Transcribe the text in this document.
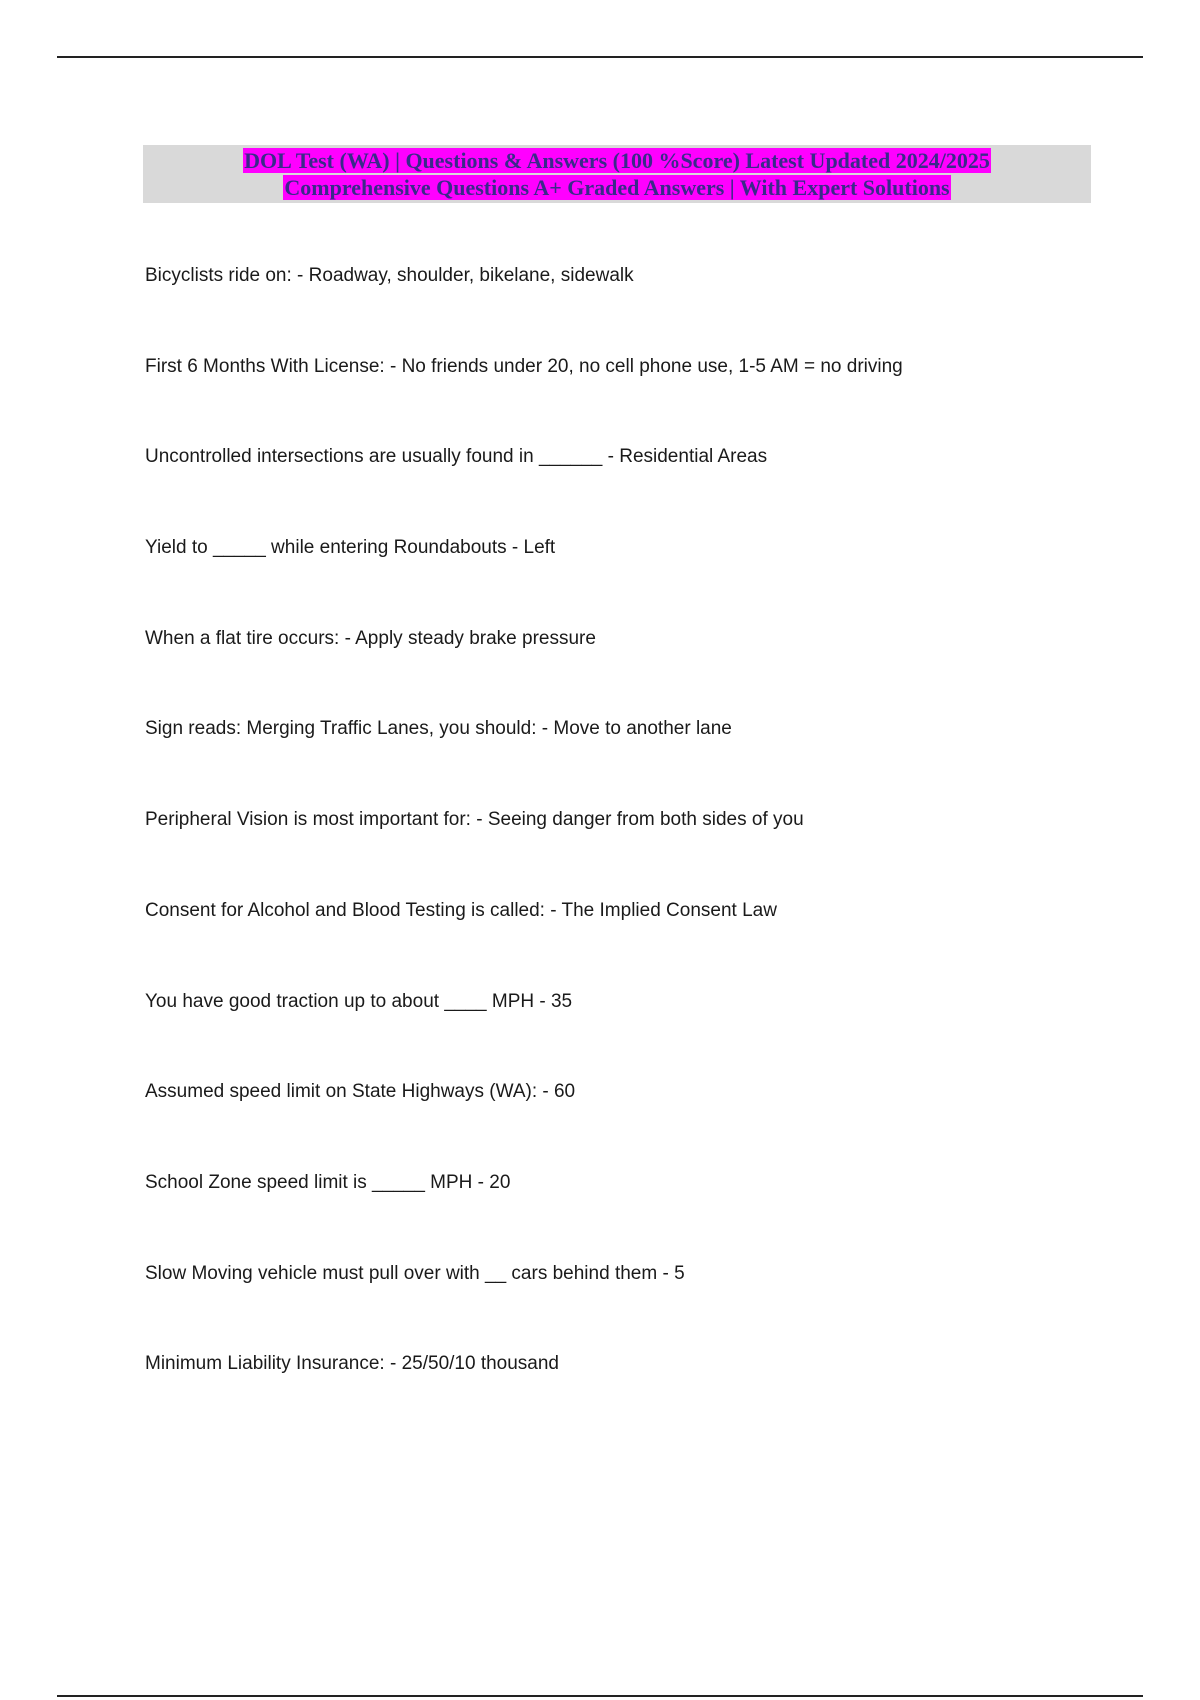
DOL Test (WA) | Questions & Answers (100 %Score) Latest Updated 2024/2025
Comprehensive Questions A+ Graded Answers | With Expert Solutions
Bicyclists ride on: - Roadway, shoulder, bikelane, sidewalk
First 6 Months With License: - No friends under 20, no cell phone use, 1-5 AM = no driving
Uncontrolled intersections are usually found in ______ - Residential Areas
Yield to _____ while entering Roundabouts - Left
When a flat tire occurs: - Apply steady brake pressure
Sign reads: Merging Traffic Lanes, you should: - Move to another lane
Peripheral Vision is most important for: - Seeing danger from both sides of you
Consent for Alcohol and Blood Testing is called: - The Implied Consent Law
You have good traction up to about ____ MPH - 35
Assumed speed limit on State Highways (WA): - 60
School Zone speed limit is _____ MPH - 20
Slow Moving vehicle must pull over with __ cars behind them - 5
Minimum Liability Insurance: - 25/50/10 thousand
